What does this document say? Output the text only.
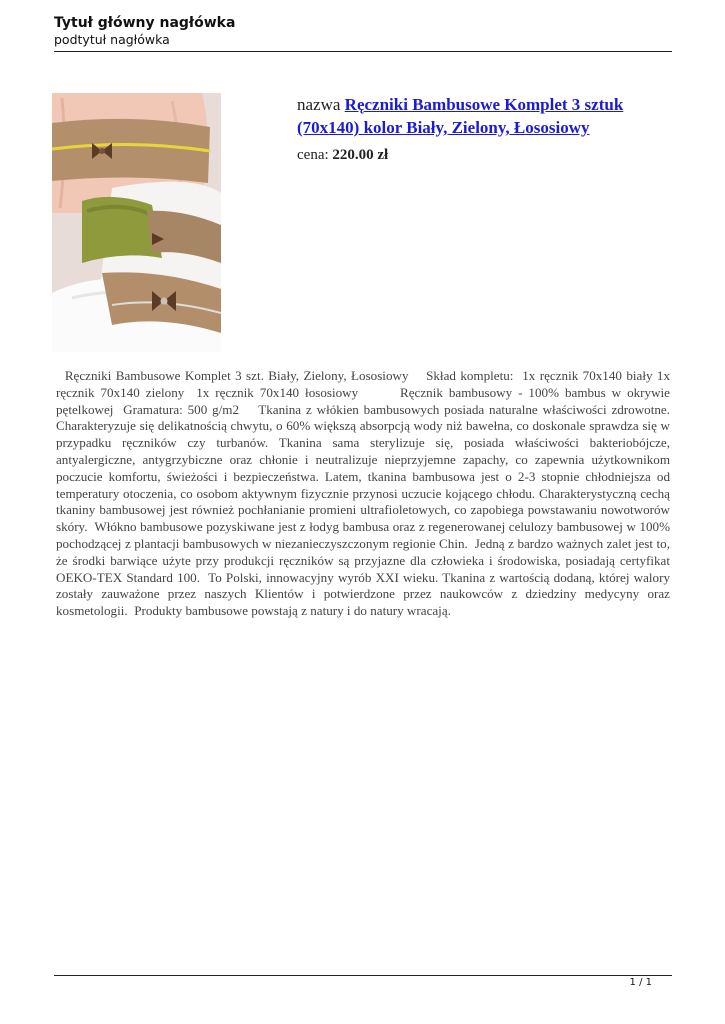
Tytuł główny nagłówka
podtytuł nagłówka
nazwa Ręczniki Bambusowe Komplet 3 sztuk (70x140) kolor Biały, Zielony, Łososiowy
cena: 220.00 zł
Ręczniki Bambusowe Komplet 3 szt. Biały, Zielony, Łososiowy    Skład kompletu:  1x ręcznik 70x140 biały 1x ręcznik 70x140 zielony  1x ręcznik 70x140 łososiowy       Ręcznik bambusowy - 100% bambus w okrywie pętelkowej  Gramatura: 500 g/m2    Tkanina z włókien bambusowych posiada naturalne właściwości zdrowotne. Charakteryzuje się delikatnością chwytu, o 60% większą absorpcją wody niż bawełna, co doskonale sprawdza się w przypadku ręczników czy turbanów. Tkanina sama sterylizuje się, posiada właściwości bakteriobójcze, antyalergiczne, antygrzybiczne oraz chłonie i neutralizuje nieprzyjemne zapachy, co zapewnia użytkownikom poczucie komfortu, świeżości i bezpieczeństwa. Latem, tkanina bambusowa jest o 2-3 stopnie chłodniejsza od temperatury otoczenia, co osobom aktywnym fizycznie przynosi uczucie kojącego chłodu. Charakterystyczną cechą tkaniny bambusowej jest również pochłanianie promieni ultrafioletowych, co zapobiega powstawaniu nowotworów skóry.  Włókno bambusowe pozyskiwane jest z łodyg bambusa oraz z regenerowanej celulozy bambusowej w 100% pochodzącej z plantacji bambusowych w niezanieczyszczonym regionie Chin.  Jedną z bardzo ważnych zalet jest to, że środki barwiące użyte przy produkcji ręczników są przyjazne dla człowieka i środowiska, posiadają certyfikat OEKO-TEX Standard 100.  To Polski, innowacyjny wyrób XXI wieku. Tkanina z wartością dodaną, której walory zostały zauważone przez naszych Klientów i potwierdzone przez naukowców z dziedziny medycyny oraz kosmetologii.  Produkty bambusowe powstają z natury i do natury wracają.

1 / 1
